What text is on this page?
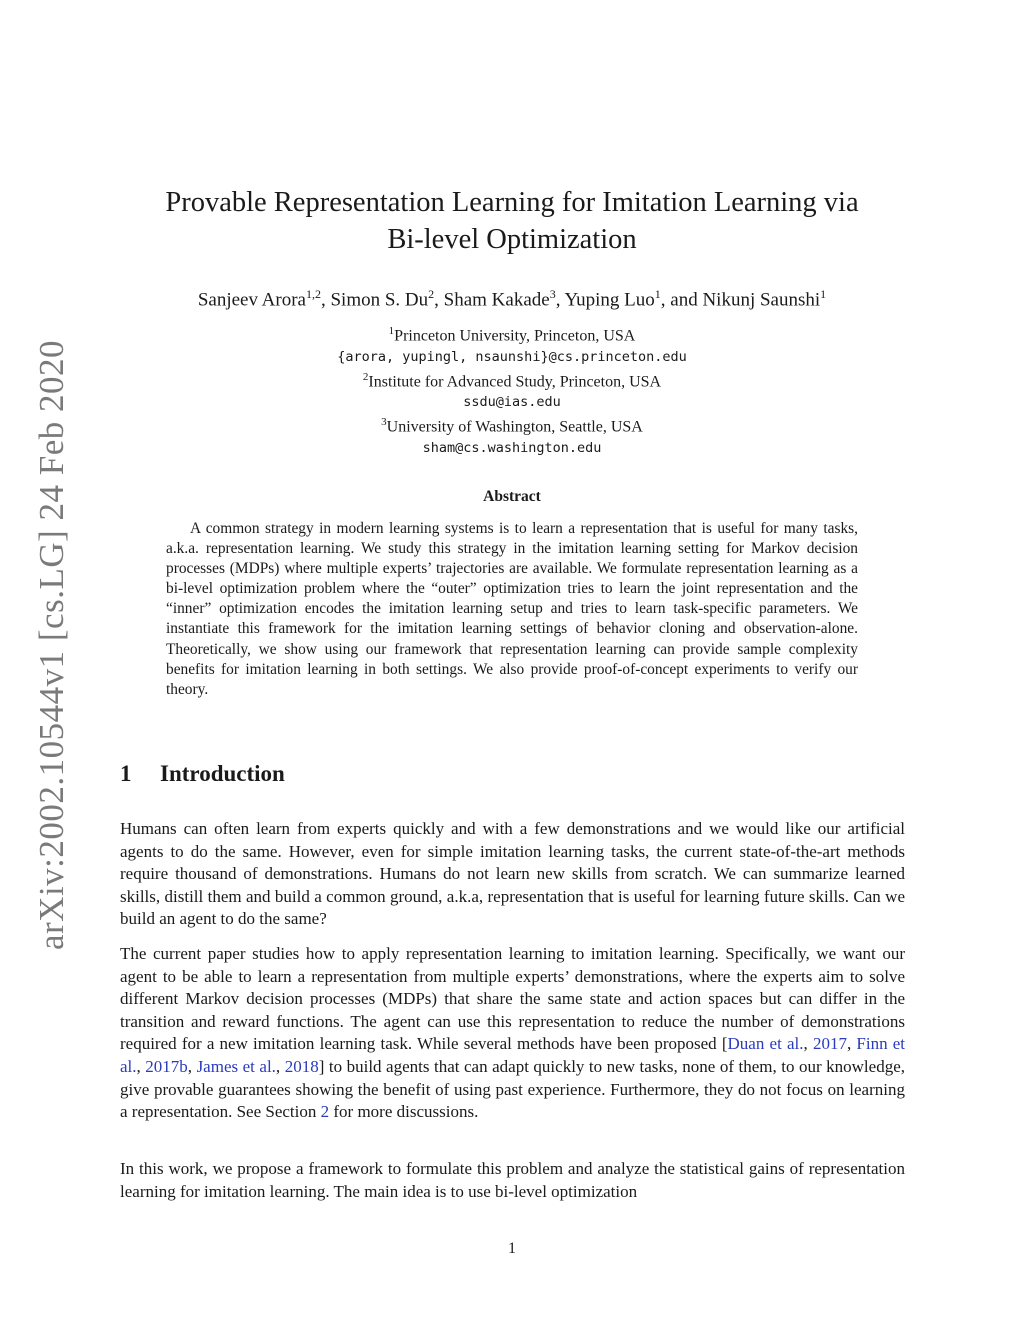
arXiv:2002.10544v1 [cs.LG] 24 Feb 2020
Provable Representation Learning for Imitation Learning via
Bi-level Optimization
Sanjeev Arora$^{1,2}$, Simon S. Du$^2$, Sham Kakade$^3$, Yuping Luo$^1$, and Nikunj Saunshi$^1$
$^1$Princeton University, Princeton, USA
{arora, yupingl, nsaunshi}@cs.princeton.edu
$^2$Institute for Advanced Study, Princeton, USA
ssdu@ias.edu
$^3$University of Washington, Seattle, USA
sham@cs.washington.edu
Abstract

A common strategy in modern learning systems is to learn a representation that is useful for many tasks, a.k.a. representation learning. We study this strategy in the imitation learning setting for Markov decision processes (MDPs) where multiple experts’ trajectories are available. We formulate representation learning as a bi-level optimization problem where the “outer” optimization tries to learn the joint representation and the “inner” optimization encodes the imitation learning setup and tries to learn task-specific parameters. We instantiate this framework for the imitation learning settings of behavior cloning and observation-alone. Theoretically, we show using our framework that representation learning can provide sample complexity benefits for imitation learning in both settings. We also provide proof-of-concept experiments to verify our theory.

1 Introduction

Humans can often learn from experts quickly and with a few demonstrations and we would like our artificial agents to do the same. However, even for simple imitation learning tasks, the current state-of-the-art methods require thousand of demonstrations. Humans do not learn new skills from scratch. We can summarize learned skills, distill them and build a common ground, a.k.a, representation that is useful for learning future skills. Can we build an agent to do the same?

The current paper studies how to apply representation learning to imitation learning. Specifically, we want our agent to be able to learn a representation from multiple experts’ demonstrations, where the experts aim to solve different Markov decision processes (MDPs) that share the same state and action spaces but can differ in the transition and reward functions. The agent can use this representation to reduce the number of demonstrations required for a new imitation learning task. While several methods have been proposed [Duan et al., 2017, Finn et al., 2017b, James et al., 2018] to build agents that can adapt quickly to new tasks, none of them, to our knowledge, give provable guarantees showing the benefit of using past experience. Furthermore, they do not focus on learning a representation. See Section 2 for more discussions.

In this work, we propose a framework to formulate this problem and analyze the statistical gains of representation learning for imitation learning. The main idea is to use bi-level optimization

1
